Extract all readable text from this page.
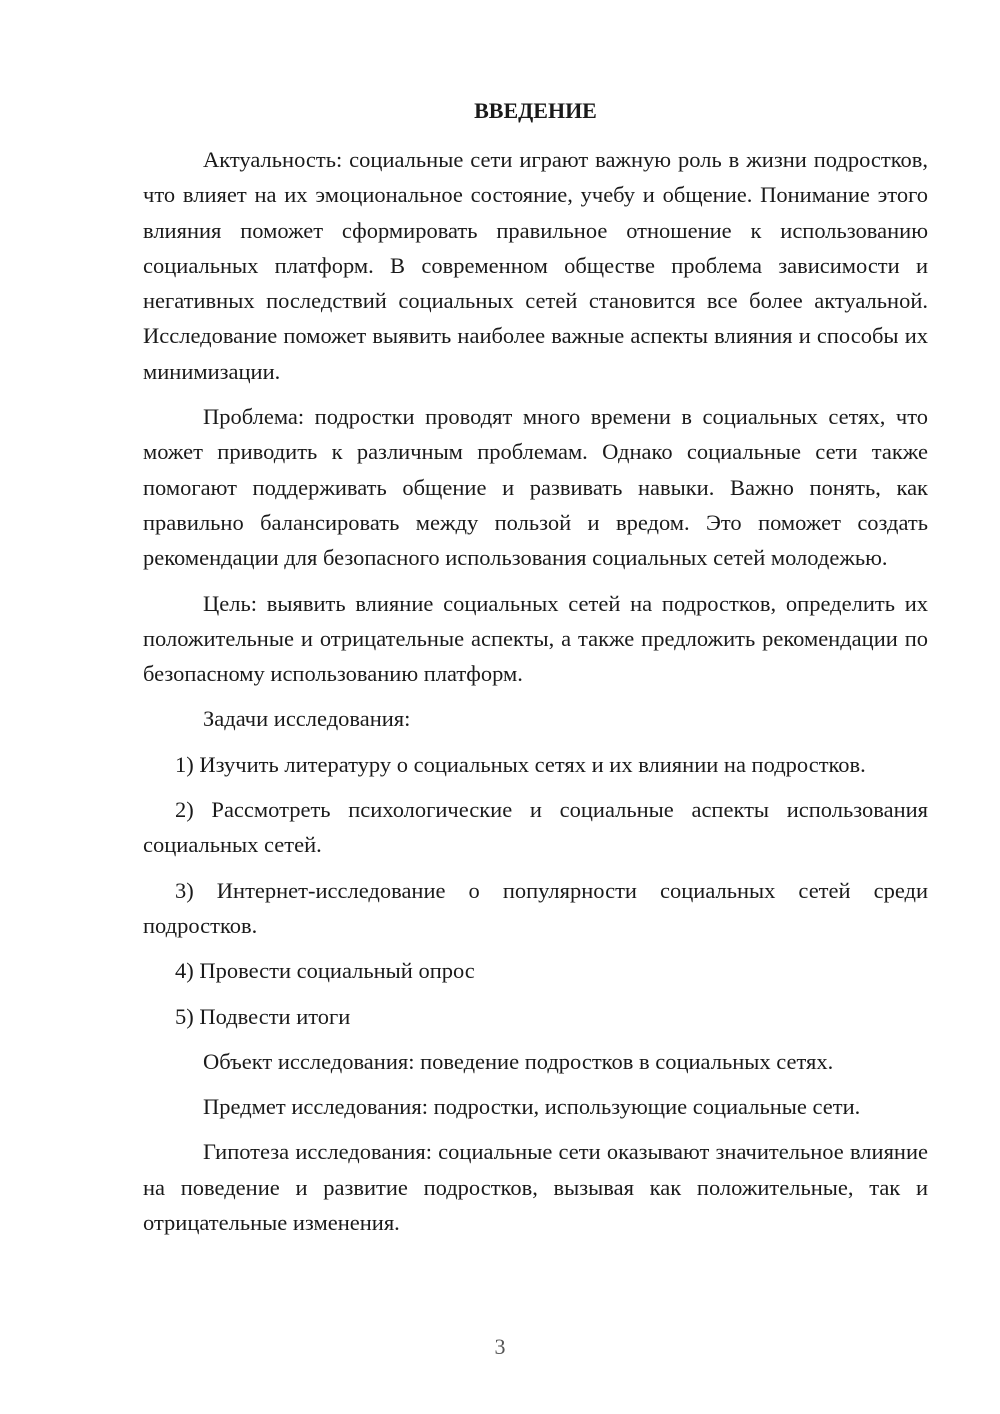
ВВЕДЕНИЕ

Актуальность: социальные сети играют важную роль в жизни подростков, что влияет на их эмоциональное состояние, учебу и общение. Понимание этого влияния поможет сформировать правильное отношение к использованию социальных платформ. В современном обществе проблема зависимости и негативных последствий социальных сетей становится все более актуальной. Исследование поможет выявить наиболее важные аспекты влияния и способы их минимизации.

Проблема: подростки проводят много времени в социальных сетях, что может приводить к различным проблемам. Однако социальные сети также помогают поддерживать общение и развивать навыки. Важно понять, как правильно балансировать между пользой и вредом. Это поможет создать рекомендации для безопасного использования социальных сетей молодежью.

Цель: выявить влияние социальных сетей на подростков, определить их положительные и отрицательные аспекты, а также предложить рекомендации по безопасному использованию платформ.

Задачи исследования:

1) Изучить литературу о социальных сетях и их влиянии на подростков.

2) Рассмотреть психологические и социальные аспекты использования социальных сетей.

3) Интернет-исследование о популярности социальных сетей среди подростков.

4) Провести социальный опрос

5) Подвести итоги

Объект исследования: поведение подростков в социальных сетях.

Предмет исследования: подростки, использующие социальные сети.

Гипотеза исследования: социальные сети оказывают значительное влияние на поведение и развитие подростков, вызывая как положительные, так и отрицательные изменения.

3
